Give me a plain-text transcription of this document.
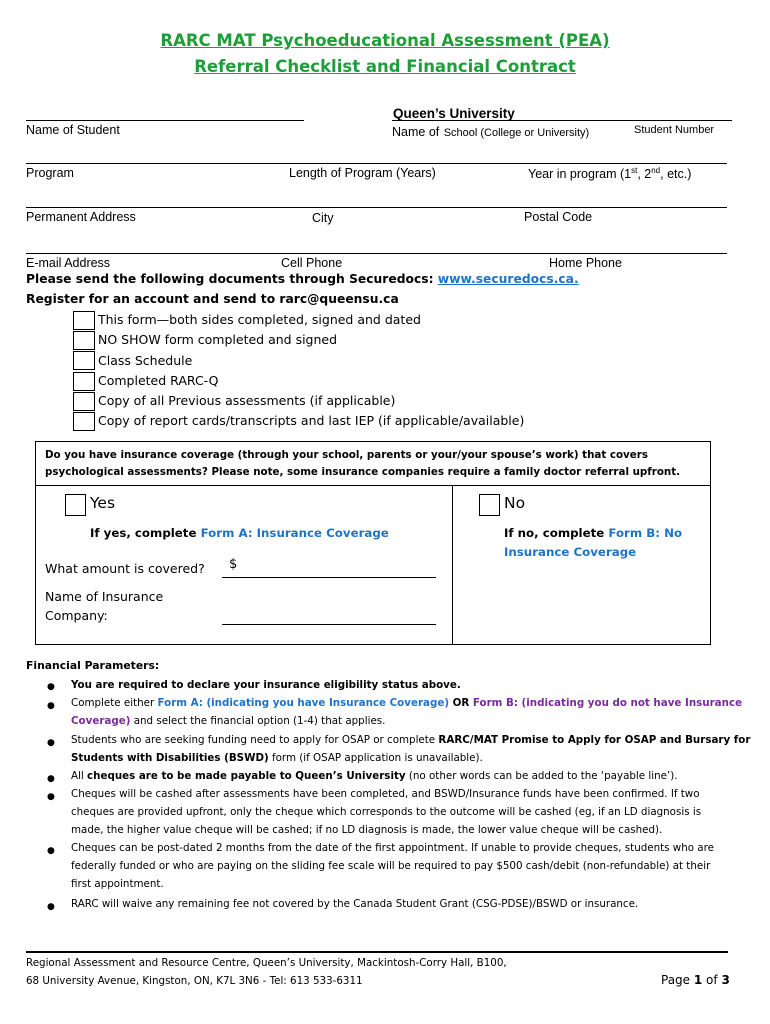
RARC MAT Psychoeducational Assessment (PEA)
Referral Checklist and Financial Contract
Queen’s University
Name of Student	Name of School (College or University)	Student Number
Program	Length of Program (Years)	Year in program (1st, 2nd, etc.)
Permanent Address	City	Postal Code
E-mail Address	Cell Phone	Home Phone
Please send the following documents through Securedocs: www.securedocs.ca.
Register for an account and send to rarc@queensu.ca
This form—both sides completed, signed and dated
NO SHOW form completed and signed
Class Schedule
Completed RARC-Q
Copy of all Previous assessments (if applicable)
Copy of report cards/transcripts and last IEP (if applicable/available)
Do you have insurance coverage (through your school, parents or your/your spouse’s work) that covers
psychological assessments? Please note, some insurance companies require a family doctor referral upfront.
Yes	No
If yes, complete Form A: Insurance Coverage	If no, complete Form B: No
Insurance Coverage
What amount is covered? $
Name of Insurance
Company:
Financial Parameters:
● You are required to declare your insurance eligibility status above.
● Complete either Form A: (indicating you have Insurance Coverage) OR Form B: (indicating you do not have Insurance
Coverage) and select the financial option (1-4) that applies.
● Students who are seeking funding need to apply for OSAP or complete RARC/MAT Promise to Apply for OSAP and Bursary for
Students with Disabilities (BSWD) form (if OSAP application is unavailable).
● All cheques are to be made payable to Queen’s University (no other words can be added to the ‘payable line’).
● Cheques will be cashed after assessments have been completed, and BSWD/Insurance funds have been confirmed. If two
cheques are provided upfront, only the cheque which corresponds to the outcome will be cashed (eg, if an LD diagnosis is
made, the higher value cheque will be cashed; if no LD diagnosis is made, the lower value cheque will be cashed).
● Cheques can be post-dated 2 months from the date of the first appointment. If unable to provide cheques, students who are
federally funded or who are paying on the sliding fee scale will be required to pay $500 cash/debit (non-refundable) at their
first appointment.
● RARC will waive any remaining fee not covered by the Canada Student Grant (CSG-PDSE)/BSWD or insurance.
Regional Assessment and Resource Centre, Queen’s University, Mackintosh-Corry Hall, B100,
68 University Avenue, Kingston, ON, K7L 3N6 - Tel: 613 533-6311	Page 1 of 3
